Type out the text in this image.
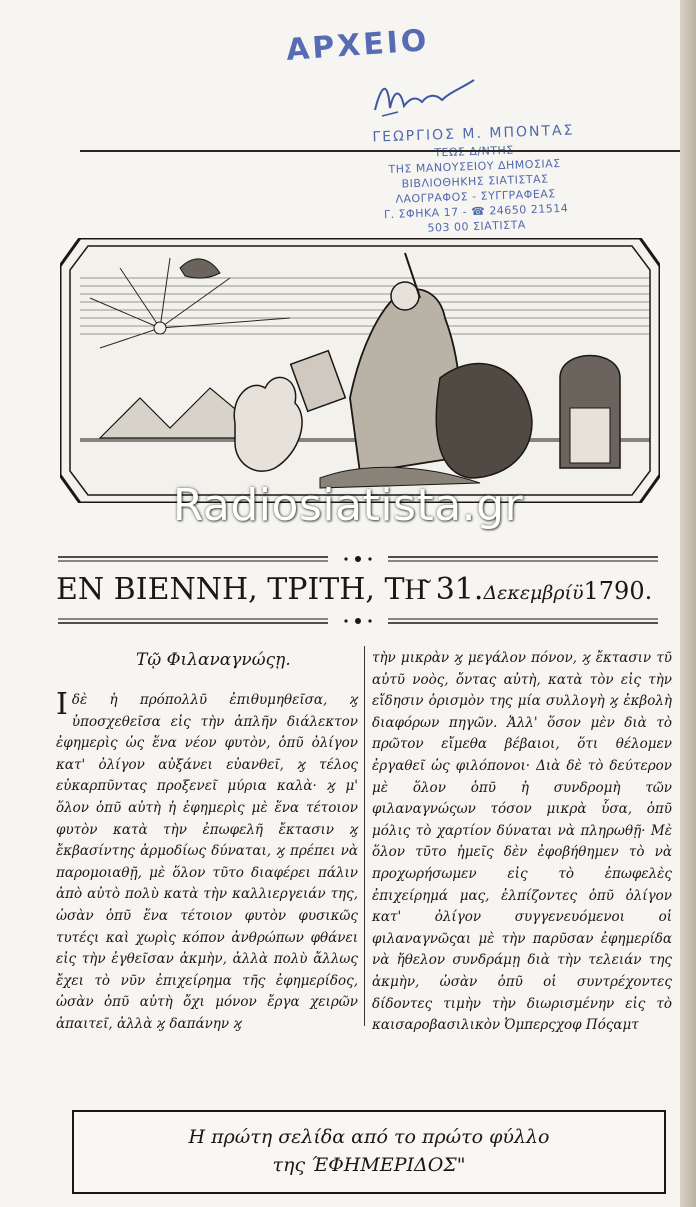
ΑΡΧΕΙΟ
ΓΕΩΡΓΙΟΣ Μ. ΜΠΟΝΤΑΣ
ΤΕΩΣ Δ/ΝΤΗΣ
ΤΗΣ ΜΑΝΟΥΣΕΙΟΥ ΔΗΜΟΣΙΑΣ
ΒΙΒΛΙΟΘΗΚΗΣ ΣΙΑΤΙΣΤΑΣ
ΛΑΟΓΡΑΦΟΣ - ΣΥΓΓΡΑΦΕΑΣ
Γ. ΣΦΗΚΑ 17 - ☎ 24650 21514
503 00 ΣΙΑΤΙΣΤΑ
Radiosiatista.gr
ΕΝ ΒΙΕΝΝΗ, ΤΡΙΤΗ, ΤΗ͂ 31.Δεκεμβρίϋ1790.
Τῷ Φιλαναγνώςῃ.
Ιδὲ ἡ πρόπολλῦ ἐπιθυμηθεῖσα, ϗ ὑποσχεθεῖσα εἰς τὴν ἁπλῆν διάλεκτον ἐφημερὶς ὡς ἕνα νέον φυτὸν, ὁπῦ ὀλίγον κατ' ὀλίγον αὐξάνει εὐανθεῖ, ϗ τέλος εὐκαρπῦντας προξενεῖ μύρια καλὰ· ϗ μ' ὅλον ὁπῦ αὐτὴ ἡ ἐφημερὶς μὲ ἕνα τέτοιον φυτὸν κατὰ τὴν ἐπωφελῆ ἔκτασιν ϗ ἔκβασίντης ἁρμοδίως δύναται, ϗ πρέπει νὰ παρομοιαθῇ, μὲ ὅλον τῦτο διαφέρει πάλιν ἀπὸ αὐτὸ πολὺ κατὰ τὴν καλλιεργειάν της, ὡσὰν ὁπῦ ἕνα τέτοιον φυτὸν φυσικῶς τυτέςι καὶ χωρὶς κόπον ἀνθρώπων φθάνει εἰς τὴν ἐγθεῖσαν ἀκμὴν, ἀλλὰ πολὺ ἄλλως ἔχει τὸ νῦν ἐπιχείρημα τῆς ἐφημερίδος, ὡσὰν ὁπῦ αὐτὴ ὄχι μόνον ἔργα χειρῶν ἀπαιτεῖ, ἀλλὰ ϗ δαπάνην ϗ
τὴν μικρὰν ϗ μεγάλον πόνον, ϗ ἔκτασιν τῦ αὐτῦ νοὸς, ὄντας αὐτὴ, κατὰ τὸν εἰς τὴν εἴδησιν ὁρισμὸν της μία συλλογὴ ϗ ἐκβολὴ διαφόρων πηγῶν. Ἀλλ' ὅσον μὲν διὰ τὸ πρῶτον εἴμεθα βέβαιοι, ὅτι θέλομεν ἐργαθεῖ ὡς φιλόπονοι· Διὰ δὲ τὸ δεύτερον μὲ ὅλον ὁπῦ ἡ συνδρομὴ τῶν φιλαναγνώςων τόσον μικρὰ ὗσα, ὁπῦ μόλις τὸ χαρτίον δύναται νὰ πληρωθῇ· Μὲ ὅλον τῦτο ἡμεῖς δὲν ἐφοβήθημεν τὸ νὰ προχωρήσωμεν εἰς τὸ ἐπωφελὲς ἐπιχείρημά μας, ἐλπίζοντες ὁπῦ ὀλίγον κατ' ὀλίγον συγγενευόμενοι οἱ φιλαναγνῶςαι μὲ τὴν παρῦσαν ἐφημερίδα νὰ ἤθελον συνδράμῃ διὰ τὴν τελειάν της ἀκμὴν, ὡσὰν ὁπῦ οἱ συντρέχοντες δίδοντες τιμὴν τὴν διωρισμένην εἰς τὸ καισαροβασιλικὸν Ὀμπερςχοφ Πόςαμτ
Η πρώτη σελίδα από το πρώτο φύλλο
της ΈΦΗΜΕΡΙΔΟΣ"
